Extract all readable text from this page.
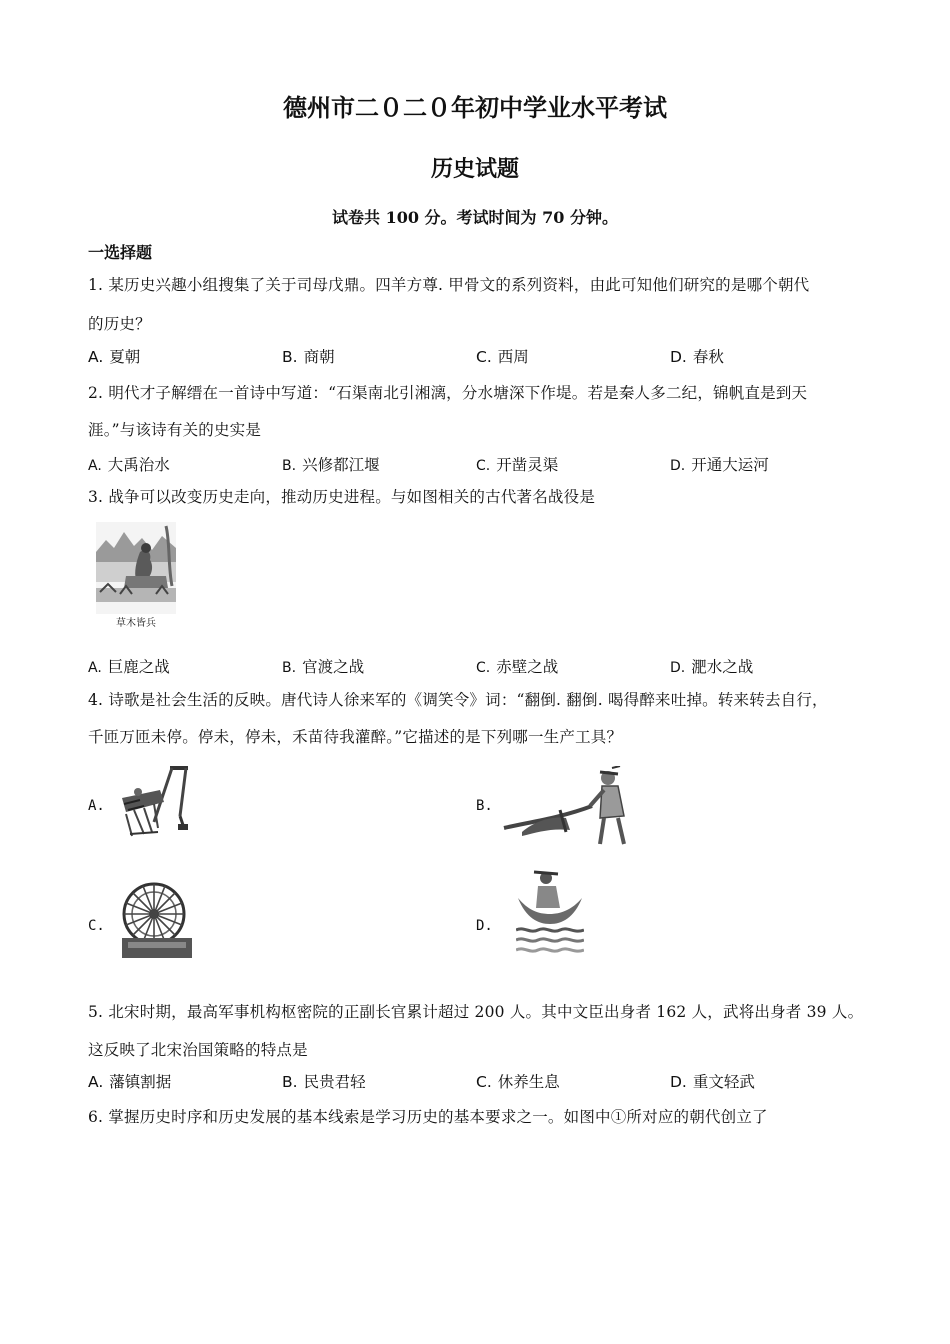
德州市二０二０年初中学业水平考试
历史试题
试卷共 100 分。考试时间为 70 分钟。
一选择题
1. 某历史兴趣小组搜集了关于司母戊鼎。四羊方尊. 甲骨文的系列资料，由此可知他们研究的是哪个朝代
的历史？
A. 夏朝	B. 商朝	C. 西周	D. 春秋
2. 明代才子解缙在一首诗中写道：“石渠南北引湘漓，分水塘深下作堤。若是秦人多二纪，锦帆直是到天
涯。”与该诗有关的史实是
A. 大禹治水	B. 兴修都江堰	C. 开凿灵渠	D. 开通大运河
3. 战争可以改变历史走向，推动历史进程。与如图相关的古代著名战役是
草木皆兵
A. 巨鹿之战	B. 官渡之战	C. 赤壁之战	D. 淝水之战
4. 诗歌是社会生活的反映。唐代诗人徐来军的《调笑令》词：“翻倒. 翻倒. 喝得醉来吐掉。转来转去自行，
千匝万匝未停。停未，停未，禾苗待我灌醉。”它描述的是下列哪一生产工具？
A.	B.
C.	D.
5. 北宋时期，最高军事机构枢密院的正副长官累计超过 200 人。其中文臣出身者 162 人，武将出身者 39 人。
这反映了北宋治国策略的特点是
A. 藩镇割据	B. 民贵君轻	C. 休养生息	D. 重文轻武
6. 掌握历史时序和历史发展的基本线索是学习历史的基本要求之一。如图中①所对应的朝代创立了
